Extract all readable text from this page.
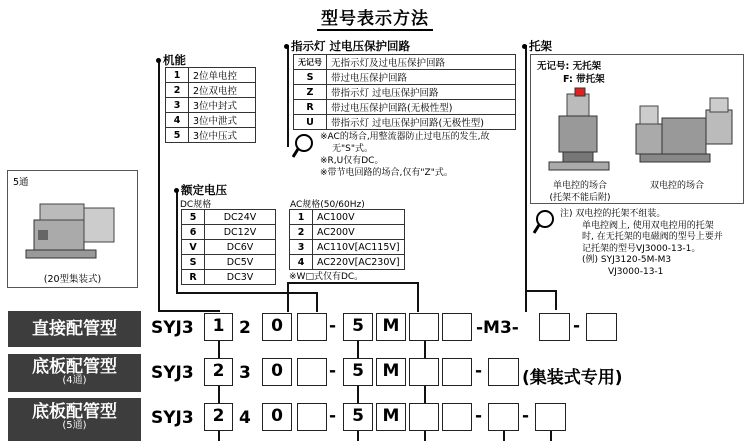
型号表示方法
机能
1	2位单电控
2	2位双电控
3	3位中封式
4	3位中泄式
5	3位中压式
指示灯 过电压保护回路
无记号	无指示灯及过电压保护回路
S	带过电压保护回路
Z	带指示灯 过电压保护回路
R	带过电压保护回路(无极性型)
U	带指示灯 过电压保护回路(无极性型)
※AC的场合,用整流器防止过电压的发生,故
无"S"式。
※R,U仅有DC。
※带节电回路的场合,仅有"Z"式。
额定电压
DC规格	AC规格(50/60Hz)
5	DC24V
6	DC12V
V	DC6V
S	DC5V
R	DC3V
1	AC100V
2	AC200V
3	AC110V[AC115V]
4	AC220V[AC230V]
※W□式仅有DC。
托架
无记号: 无托架
F: 带托架
单电控的场合
(托架不能后附)
双电控的场合
注) 双电控的托架不组装。
单电控阀上, 使用双电控用的托架
时, 在无托架的电磁阀的型号上要并
记托架的型号VJ3000-13-1。
(例) SYJ3120-5M-M3
VJ3000-13-1
5通
(20型集装式)
直接配管型	SYJ3	1 2	0	- 5	M	-M3-	-
底板配管型
(4通)	SYJ3	2 3	0	- 5	M	- (集装式专用)
底板配管型
(5通)	SYJ3	2 4	0	- 5	M	- -
